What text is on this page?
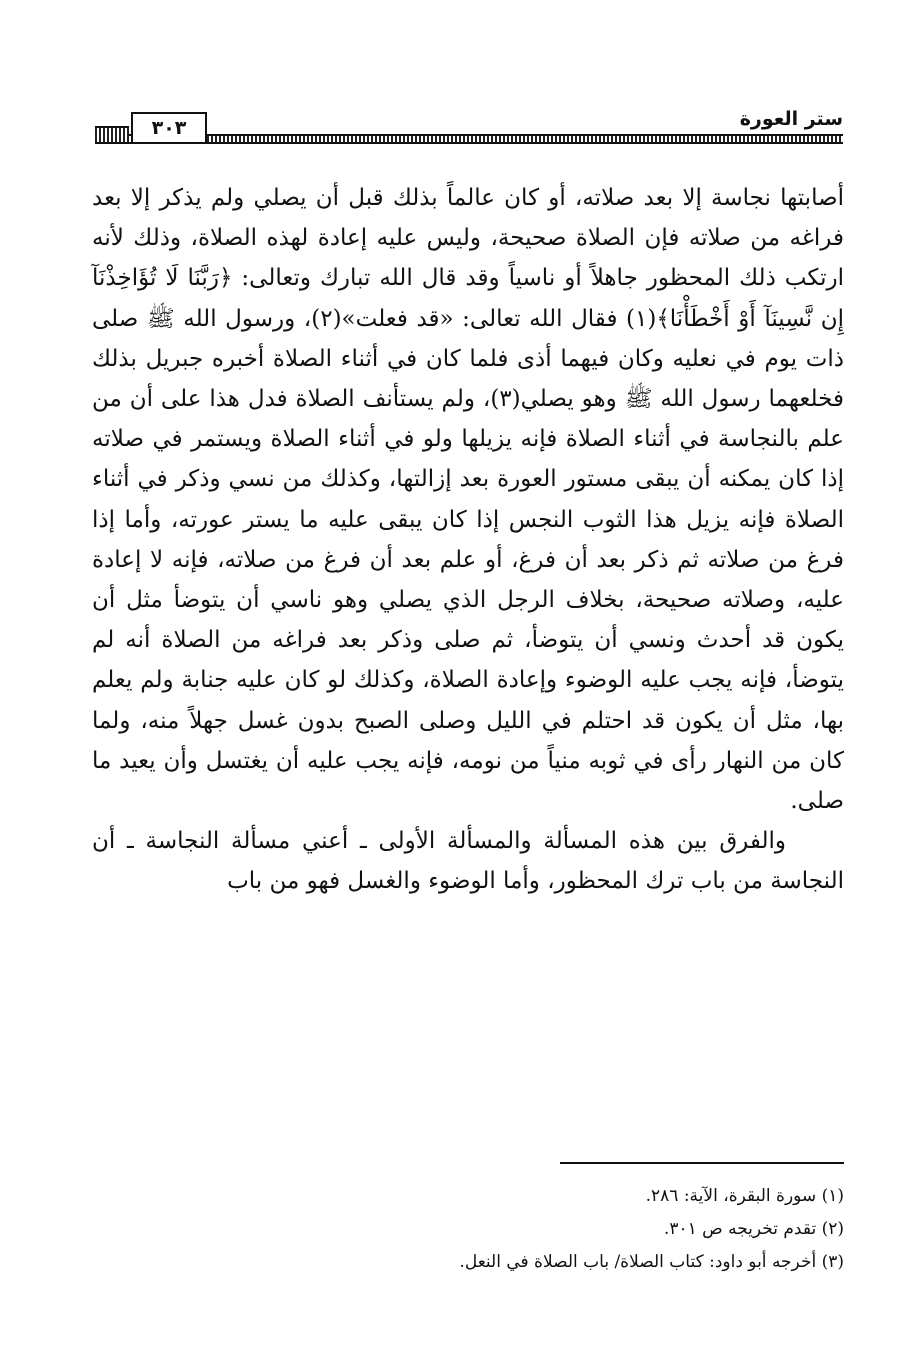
٣٠٣	ستر العورة

أصابتها نجاسة إلا بعد صلاته، أو كان عالماً بذلك قبل أن يصلي ولم يذكر إلا بعد فراغه من صلاته فإن الصلاة صحيحة، وليس عليه إعادة لهذه الصلاة، وذلك لأنه ارتكب ذلك المحظور جاهلاً أو ناسياً وقد قال الله تبارك وتعالى: ﴿رَبَّنَا لَا تُؤَاخِذْنَآ إِن نَّسِينَآ أَوْ أَخْطَأْنَا﴾(١) فقال الله تعالى: «قد فعلت»(٢)، ورسول الله ﷺ صلى ذات يوم في نعليه وكان فيهما أذى فلما كان في أثناء الصلاة أخبره جبريل بذلك فخلعهما رسول الله ﷺ وهو يصلي(٣)، ولم يستأنف الصلاة فدل هذا على أن من علم بالنجاسة في أثناء الصلاة فإنه يزيلها ولو في أثناء الصلاة ويستمر في صلاته إذا كان يمكنه أن يبقى مستور العورة بعد إزالتها، وكذلك من نسي وذكر في أثناء الصلاة فإنه يزيل هذا الثوب النجس إذا كان يبقى عليه ما يستر عورته، وأما إذا فرغ من صلاته ثم ذكر بعد أن فرغ، أو علم بعد أن فرغ من صلاته، فإنه لا إعادة عليه، وصلاته صحيحة، بخلاف الرجل الذي يصلي وهو ناسي أن يتوضأ مثل أن يكون قد أحدث ونسي أن يتوضأ، ثم صلى وذكر بعد فراغه من الصلاة أنه لم يتوضأ، فإنه يجب عليه الوضوء وإعادة الصلاة، وكذلك لو كان عليه جنابة ولم يعلم بها، مثل أن يكون قد احتلم في الليل وصلى الصبح بدون غسل جهلاً منه، ولما كان من النهار رأى في ثوبه منياً من نومه، فإنه يجب عليه أن يغتسل وأن يعيد ما صلى.

والفرق بين هذه المسألة والمسألة الأولى ـ أعني مسألة النجاسة ـ أن النجاسة من باب ترك المحظور، وأما الوضوء والغسل فهو من باب

(١) سورة البقرة، الآية: ٢٨٦.

(٢) تقدم تخريجه ص ٣٠١.

(٣) أخرجه أبو داود: كتاب الصلاة/ باب الصلاة في النعل.
